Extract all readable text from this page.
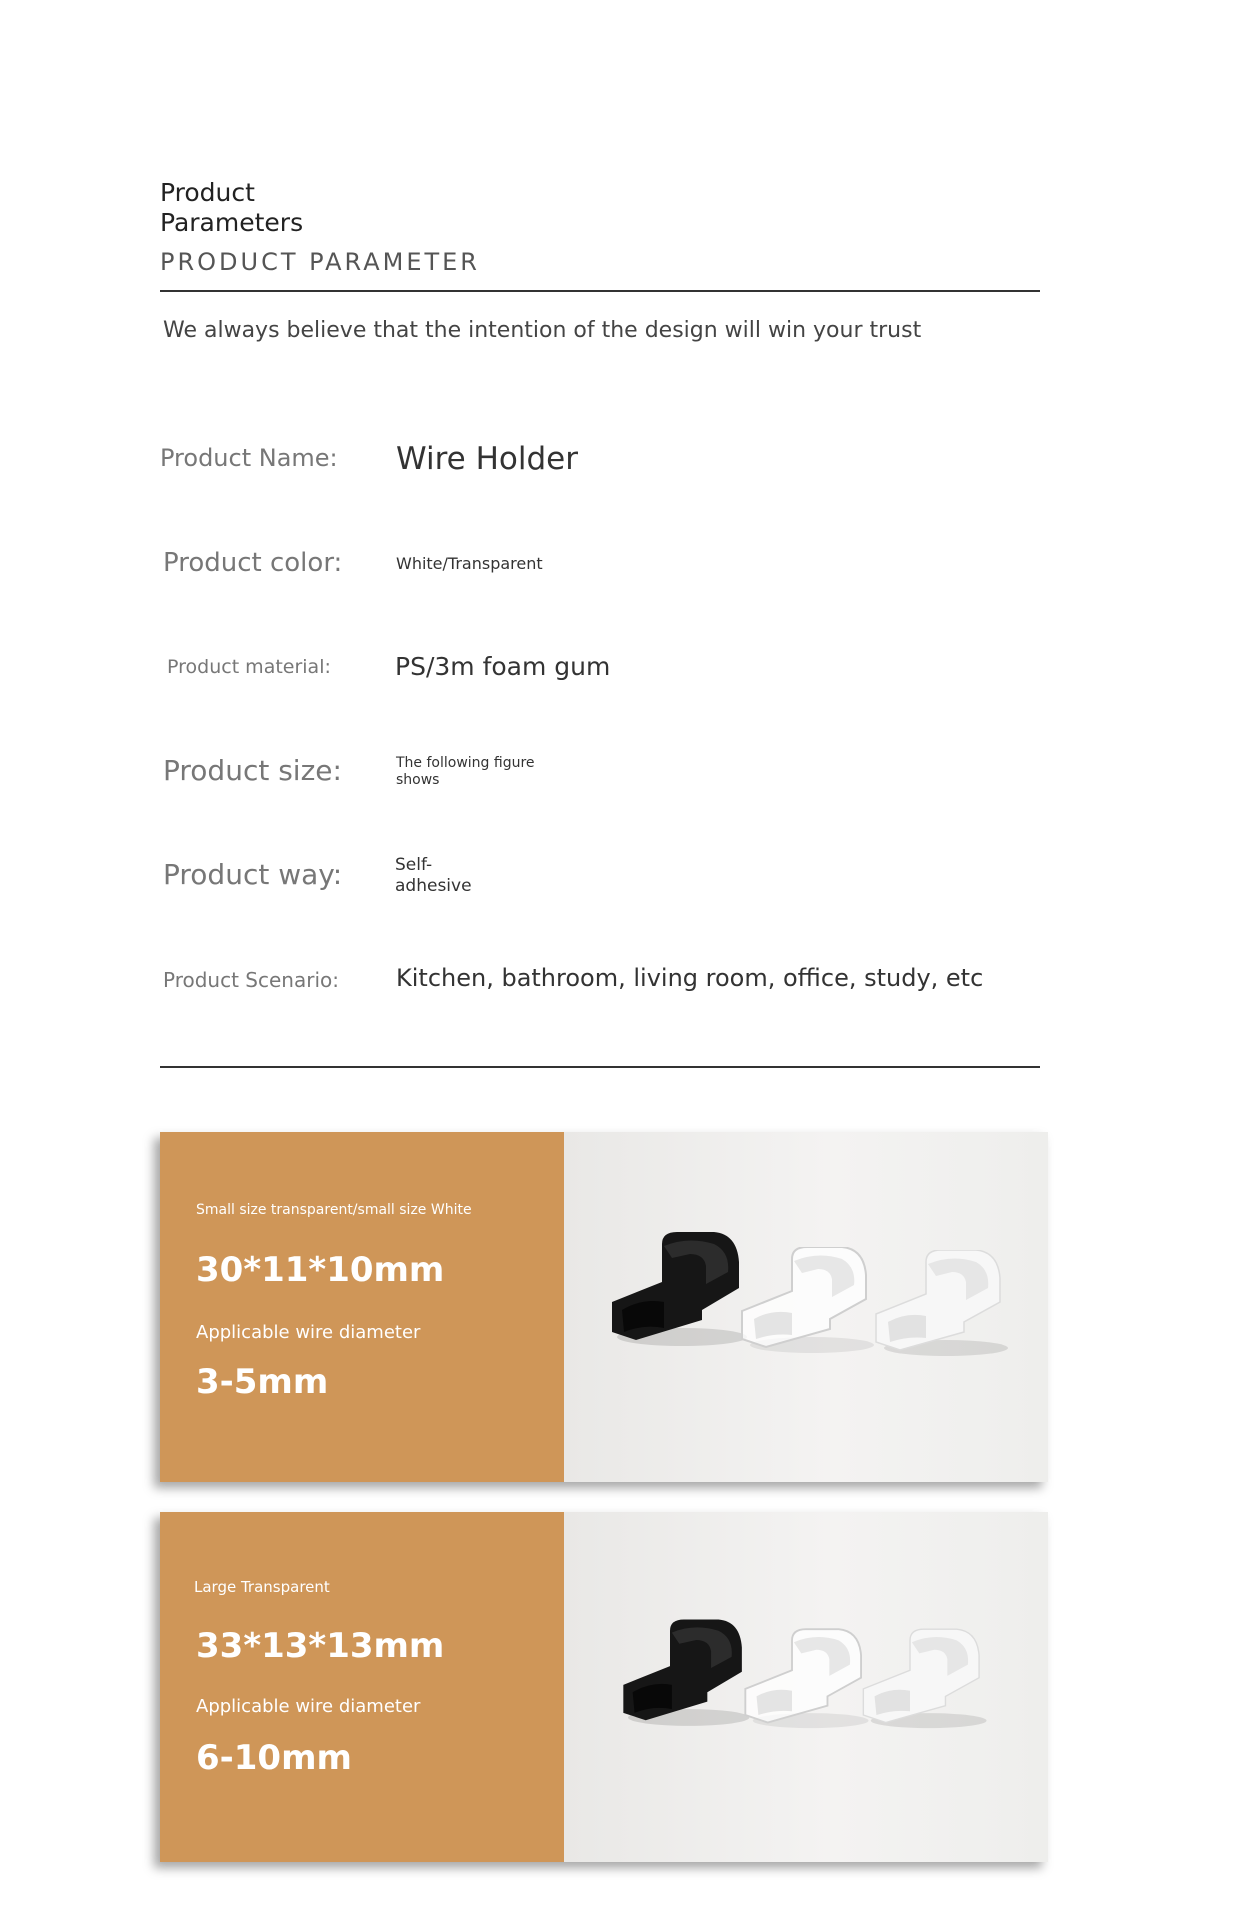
Product
Parameters
PRODUCT PARAMETER
We always believe that the intention of the design will win your trust
Product Name: Wire Holder
Product color:	White/Transparent
Product material:	PS/3m foam gum
Product size:	The following figure
shows
Product way:	Self-
adhesive
Product Scenario: Kitchen, bathroom, living room, office, study, etc
Small size transparent/small size White
30*11*10mm
Applicable wire diameter
3-5mm
Large Transparent
33*13*13mm
Applicable wire diameter
6-10mm
